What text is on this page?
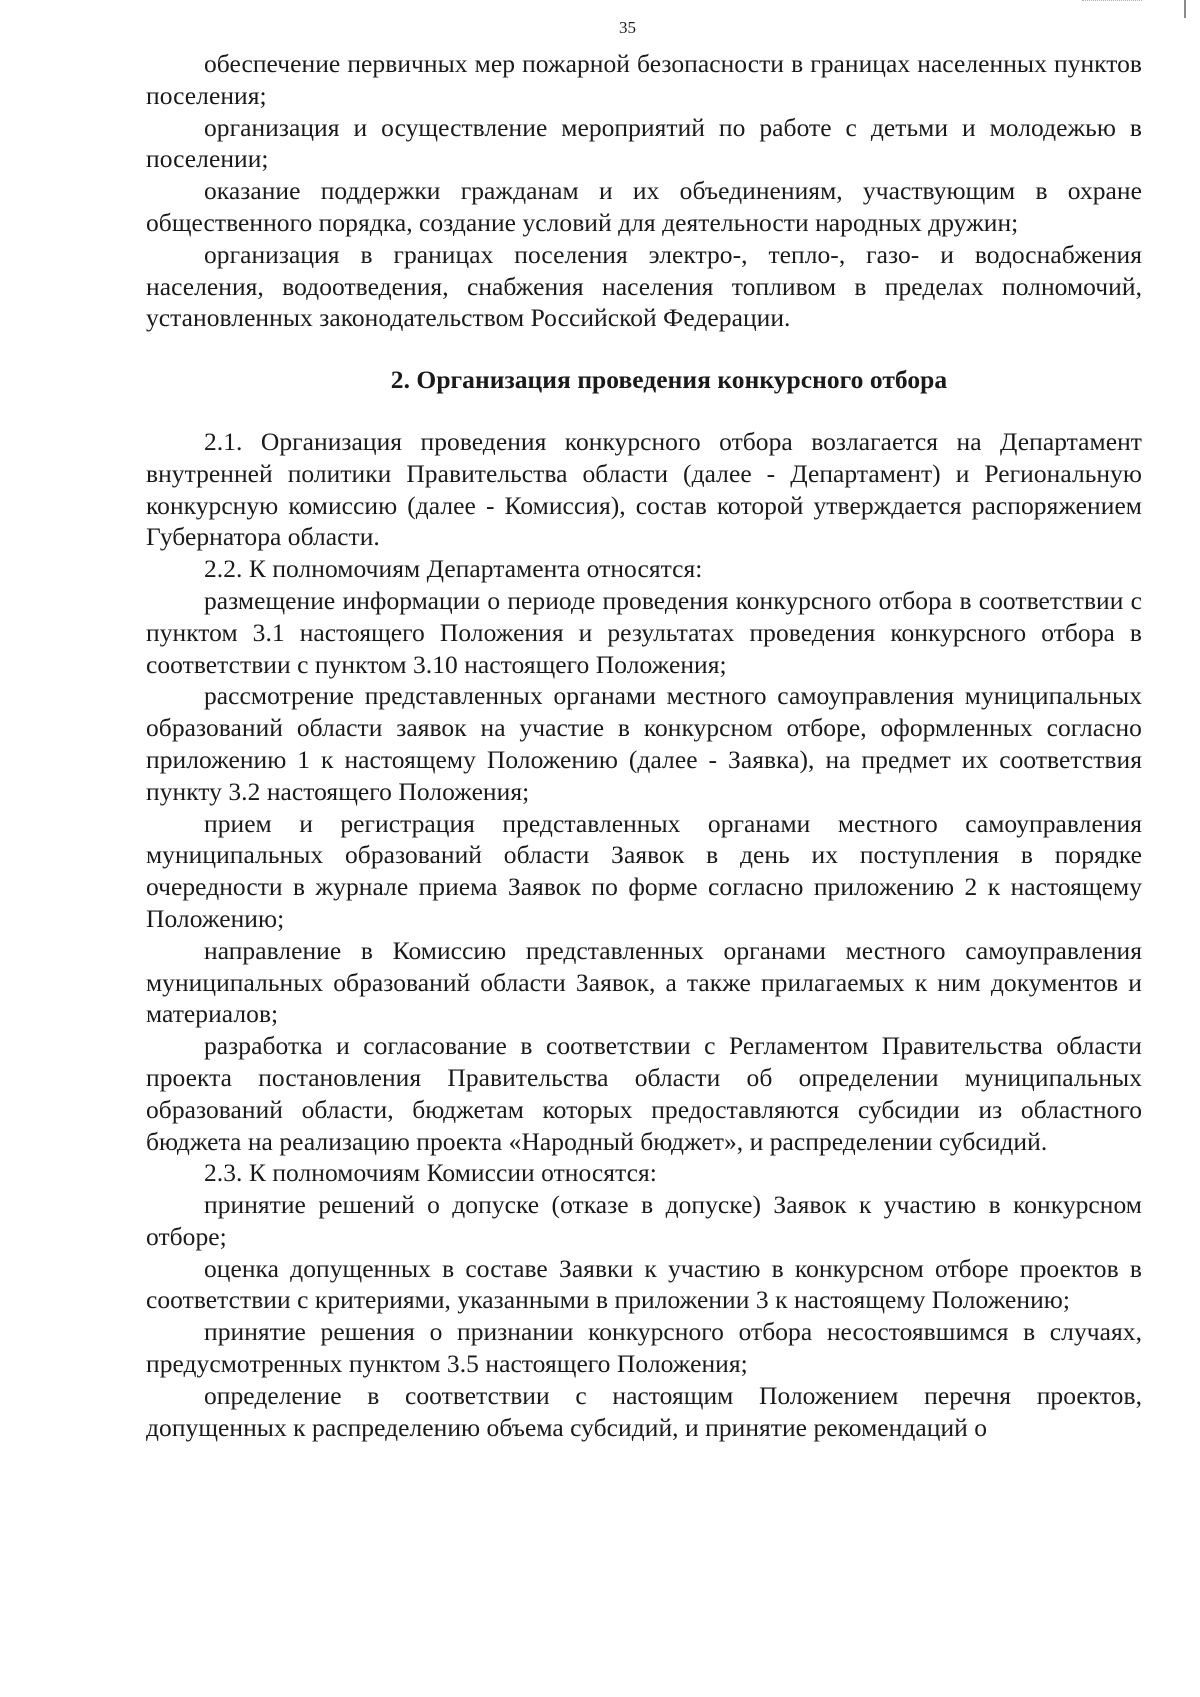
35

обеспечение первичных мер пожарной безопасности в границах населенных пунктов поселения;

организация и осуществление мероприятий по работе с детьми и молодежью в поселении;

оказание поддержки гражданам и их объединениям, участвующим в охране общественного порядка, создание условий для деятельности народных дружин;

организация в границах поселения электро-, тепло-, газо- и водоснабжения населения, водоотведения, снабжения населения топливом в пределах полномочий, установленных законодательством Российской Федерации.

2. Организация проведения конкурсного отбора

2.1. Организация проведения конкурсного отбора возлагается на Департамент внутренней политики Правительства области (далее - Департамент) и Региональную конкурсную комиссию (далее - Комиссия), состав которой утверждается распоряжением Губернатора области.

2.2. К полномочиям Департамента относятся:

размещение информации о периоде проведения конкурсного отбора в соответствии с пунктом 3.1 настоящего Положения и результатах проведения конкурсного отбора в соответствии с пунктом 3.10 настоящего Положения;

рассмотрение представленных органами местного самоуправления муниципальных образований области заявок на участие в конкурсном отборе, оформленных согласно приложению 1 к настоящему Положению (далее - Заявка), на предмет их соответствия пункту 3.2 настоящего Положения;

прием и регистрация представленных органами местного самоуправления муниципальных образований области Заявок в день их поступления в порядке очередности в журнале приема Заявок по форме согласно приложению 2 к настоящему Положению;

направление в Комиссию представленных органами местного самоуправления муниципальных образований области Заявок, а также прилагаемых к ним документов и материалов;

разработка и согласование в соответствии с Регламентом Правительства области проекта постановления Правительства области об определении муниципальных образований области, бюджетам которых предоставляются субсидии из областного бюджета на реализацию проекта «Народный бюджет», и распределении субсидий.

2.3. К полномочиям Комиссии относятся:

принятие решений о допуске (отказе в допуске) Заявок к участию в конкурсном отборе;

оценка допущенных в составе Заявки к участию в конкурсном отборе проектов в соответствии с критериями, указанными в приложении 3 к настоящему Положению;

принятие решения о признании конкурсного отбора несостоявшимся в случаях, предусмотренных пунктом 3.5 настоящего Положения;

определение в соответствии с настоящим Положением перечня проектов, допущенных к распределению объема субсидий, и принятие рекомендаций о
